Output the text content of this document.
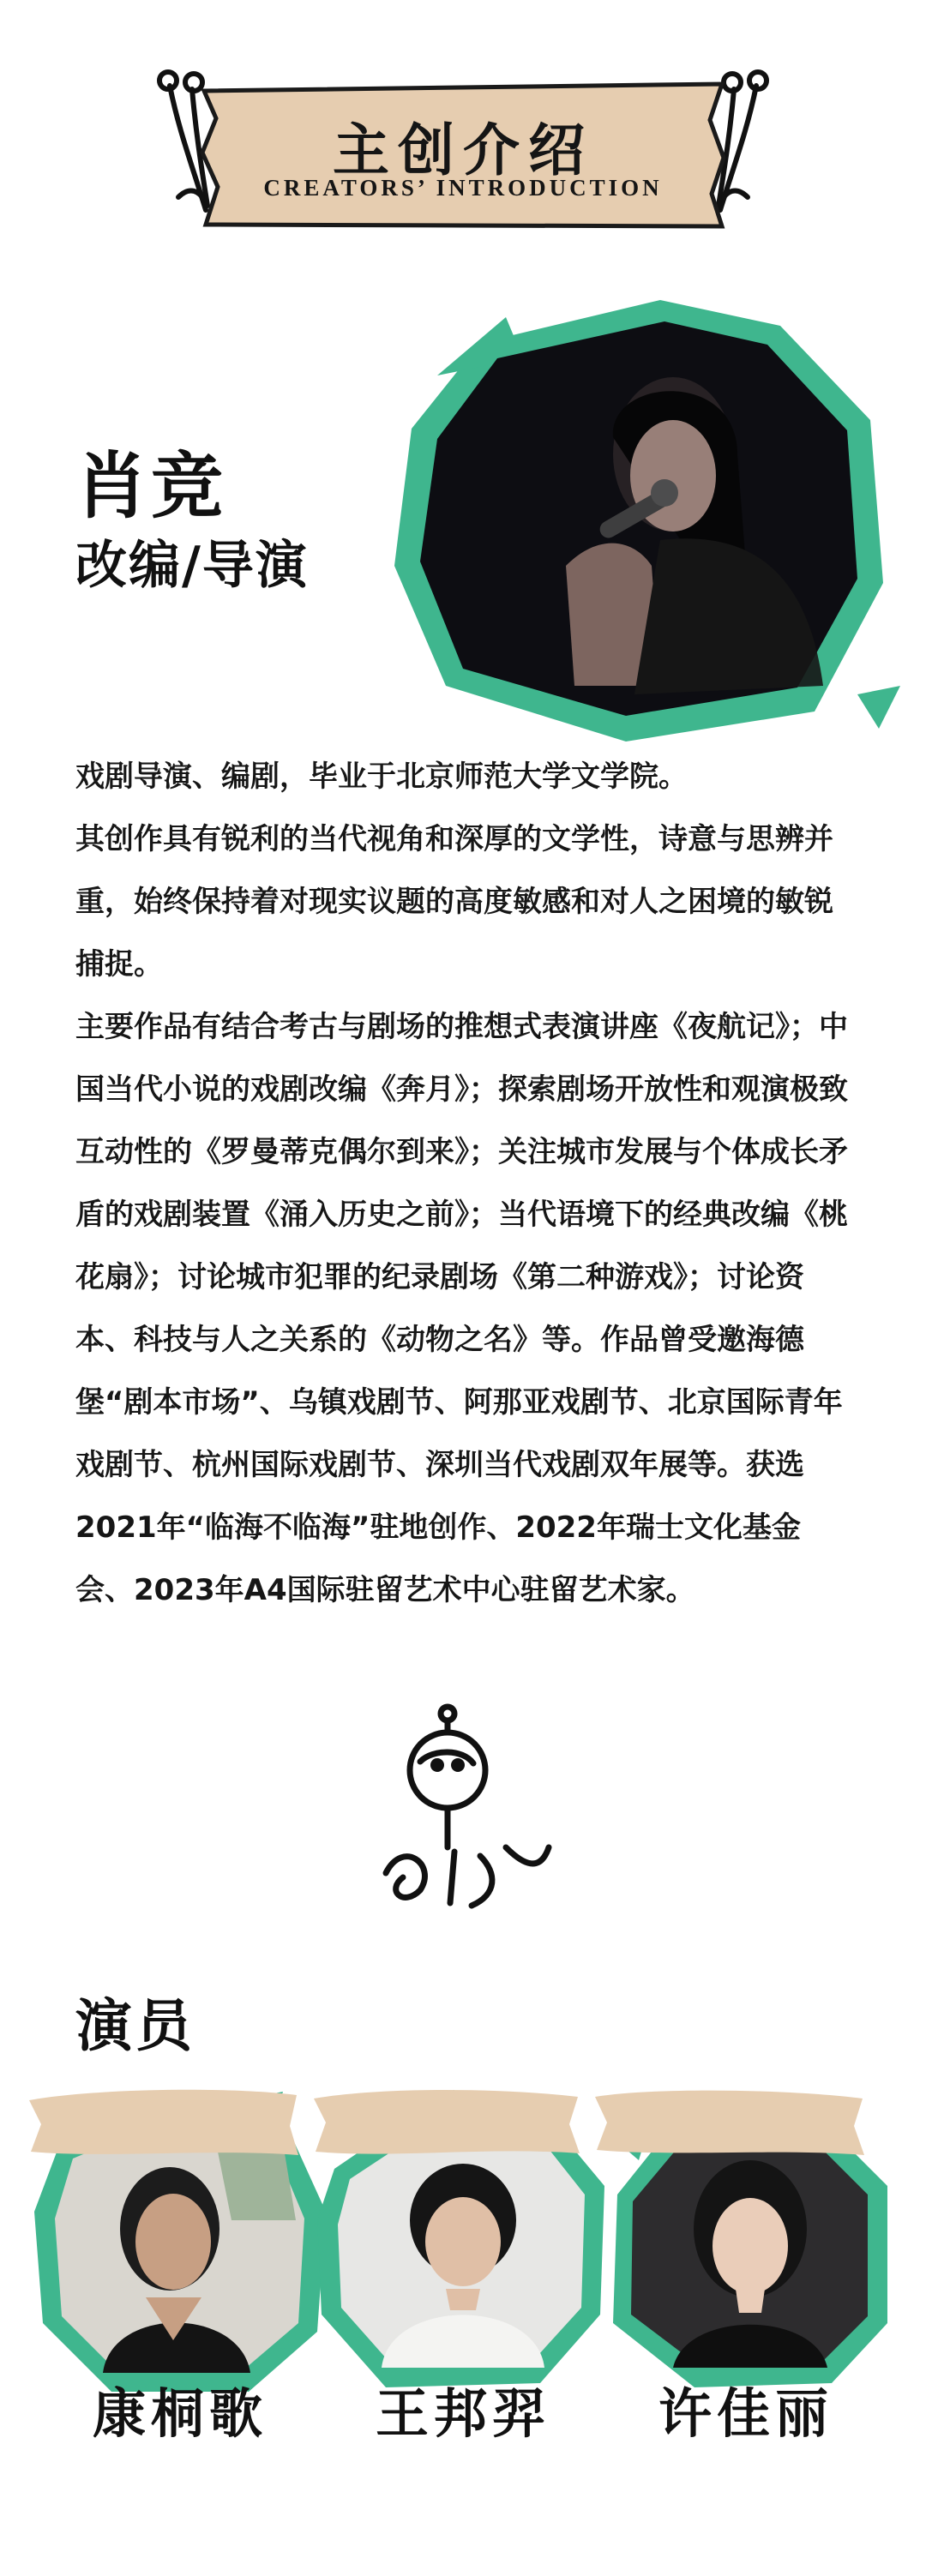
主创介绍
CREATORS’ INTRODUCTION
肖竞
改编/导演

戏剧导演、编剧，毕业于北京师范大学文学院。

其创作具有锐利的当代视角和深厚的文学性，诗意与思辨并重，始终保持着对现实议题的高度敏感和对人之困境的敏锐捕捉。

主要作品有结合考古与剧场的推想式表演讲座《夜航记》；中国当代小说的戏剧改编《奔月》；探索剧场开放性和观演极致互动性的《罗曼蒂克偶尔到来》；关注城市发展与个体成长矛盾的戏剧装置《涌入历史之前》；当代语境下的经典改编《桃花扇》；讨论城市犯罪的纪录剧场《第二种游戏》；讨论资本、科技与人之关系的《动物之名》等。作品曾受邀海德堡“剧本市场”、乌镇戏剧节、阿那亚戏剧节、北京国际青年戏剧节、杭州国际戏剧节、深圳当代戏剧双年展等。获选2021年“临海不临海”驻地创作、2022年瑞士文化基金会、2023年A4国际驻留艺术中心驻留艺术家。

演员
康桐歌	王邦羿	许佳丽
